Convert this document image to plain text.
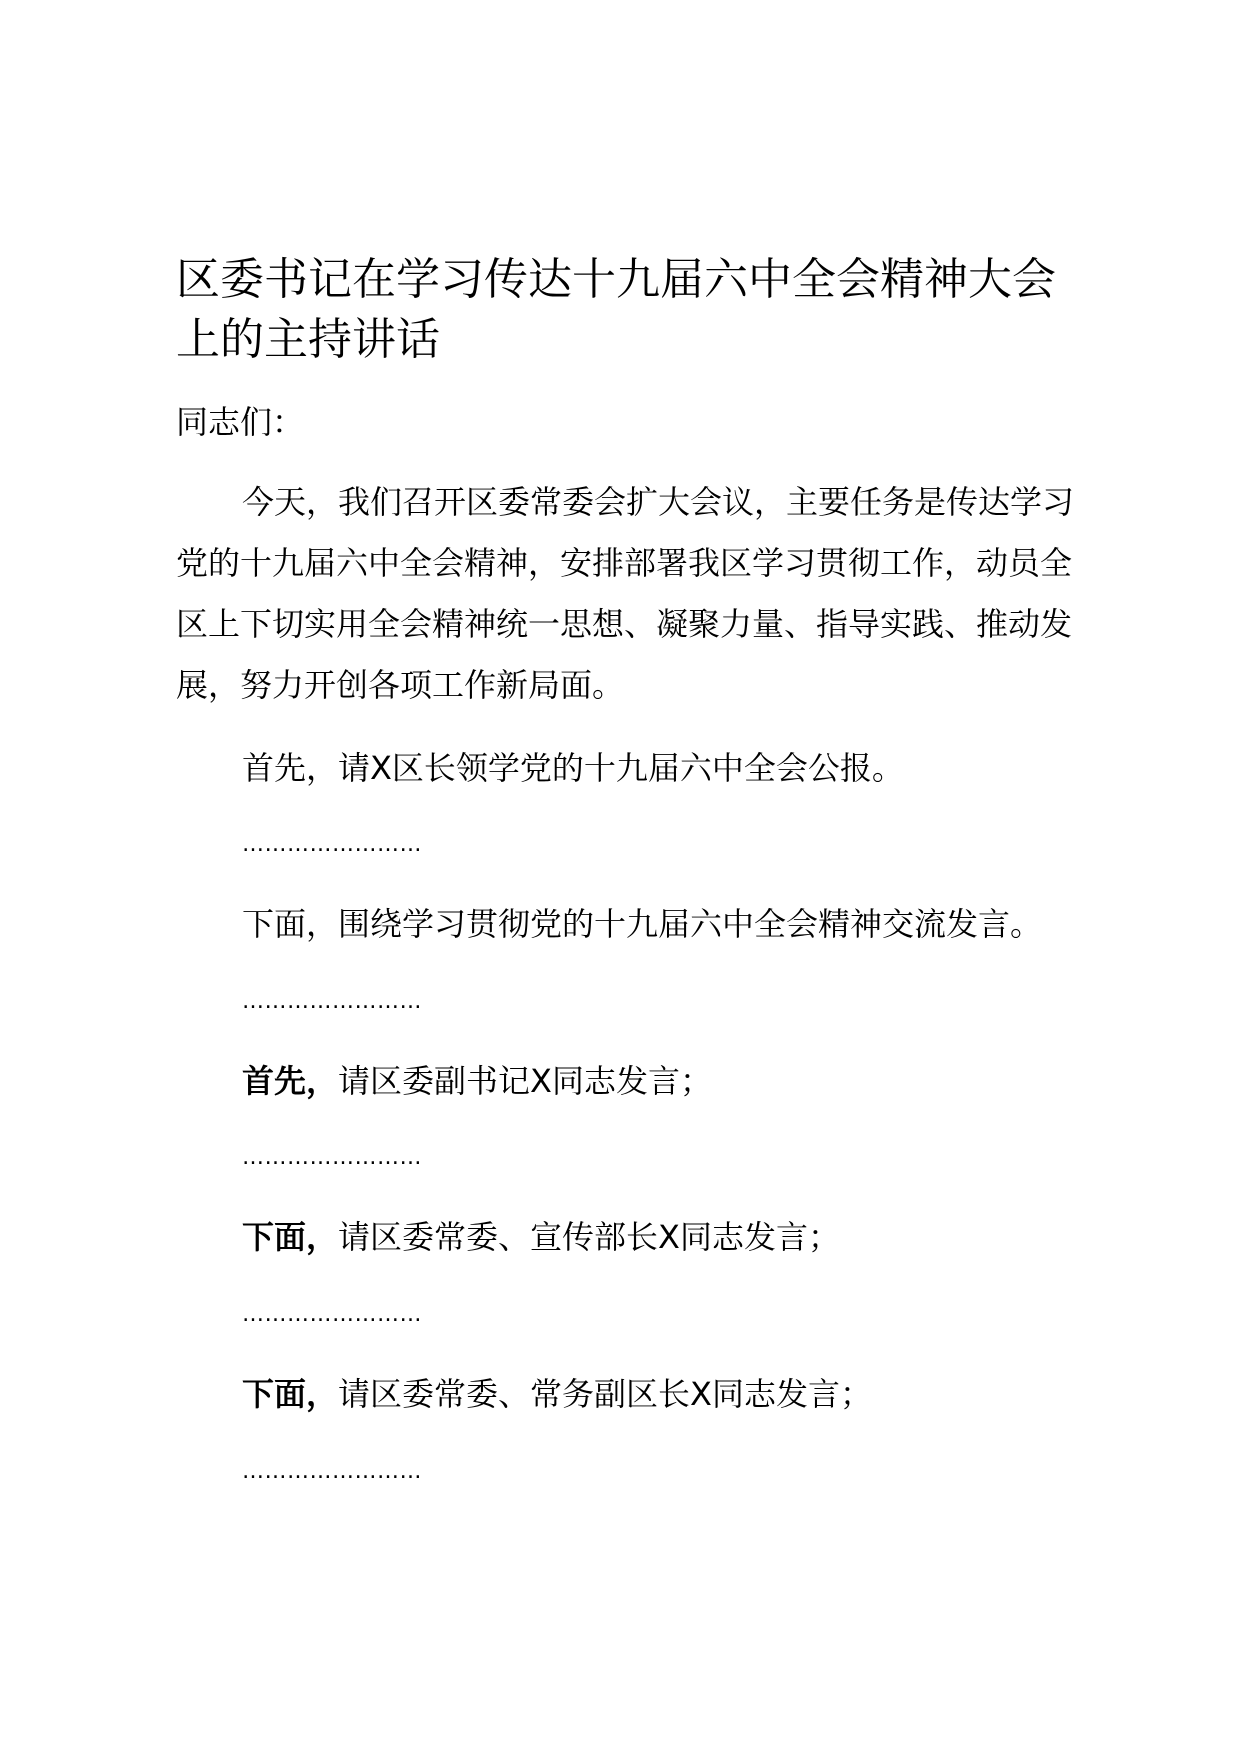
区委书记在学习传达十九届六中全会精神大会上的主持讲话

同志们：

今天，我们召开区委常委会扩大会议，主要任务是传达学习党的十九届六中全会精神，安排部署我区学习贯彻工作，动员全区上下切实用全会精神统一思想、凝聚力量、指导实践、推动发展，努力开创各项工作新局面。

首先，请X区长领学党的十九届六中全会公报。

……………………

下面，围绕学习贯彻党的十九届六中全会精神交流发言。

……………………

首先，请区委副书记X同志发言；

……………………

下面，请区委常委、宣传部长X同志发言；

……………………

下面，请区委常委、常务副区长X同志发言；

……………………
